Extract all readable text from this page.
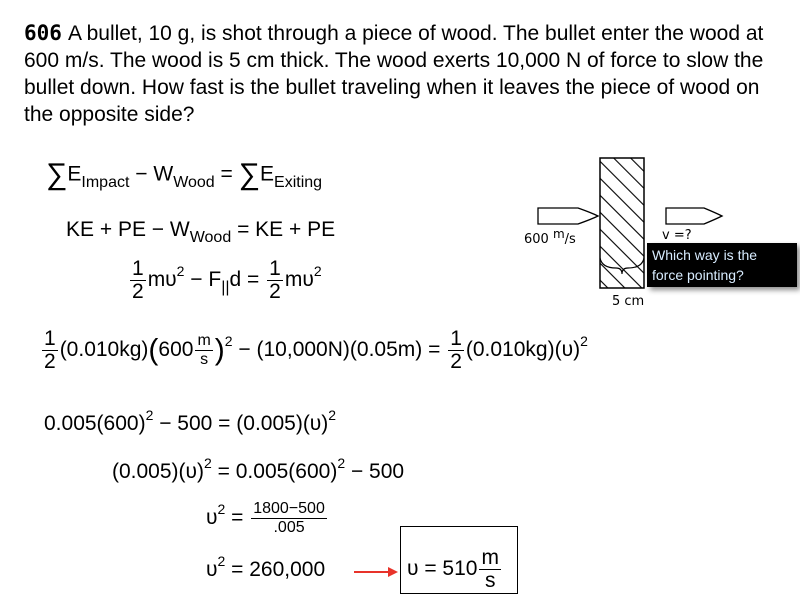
606 A bullet, 10 g, is shot through a piece of wood. The bullet enter the wood at 600 m/s. The wood is 5 cm thick. The wood exerts 10,000 N of force to slow the bullet down. How fast is the bullet traveling when it leaves the piece of wood on the opposite side?
$\sum E_{Impact} - W_{Wood} = \sum E_{Exiting}$
KE + PE − $W_{Wood}$ = KE + PE
$\frac{1}{2} m\upsilon^2 - F_{||}d = \frac{1}{2} m\upsilon^2$
$\frac{1}{2} (0.010kg)(600 \frac{m}{s} )^2 - (10,000N)(0.05m) = \frac{1}{2} (0.010kg)(\upsilon)^2$
$0.005(600)^2 - 500 = (0.005)(\upsilon)^2$
$(0.005)(\upsilon)^2 = 0.005(600)^2 - 500$
$\upsilon^2 = \frac{1800-500}{.005}$
$\upsilon^2 = 260,000$	$\upsilon = 510 \frac{m}{s}$
600 m/s	v =?
5 cm
Which way is the force pointing?
